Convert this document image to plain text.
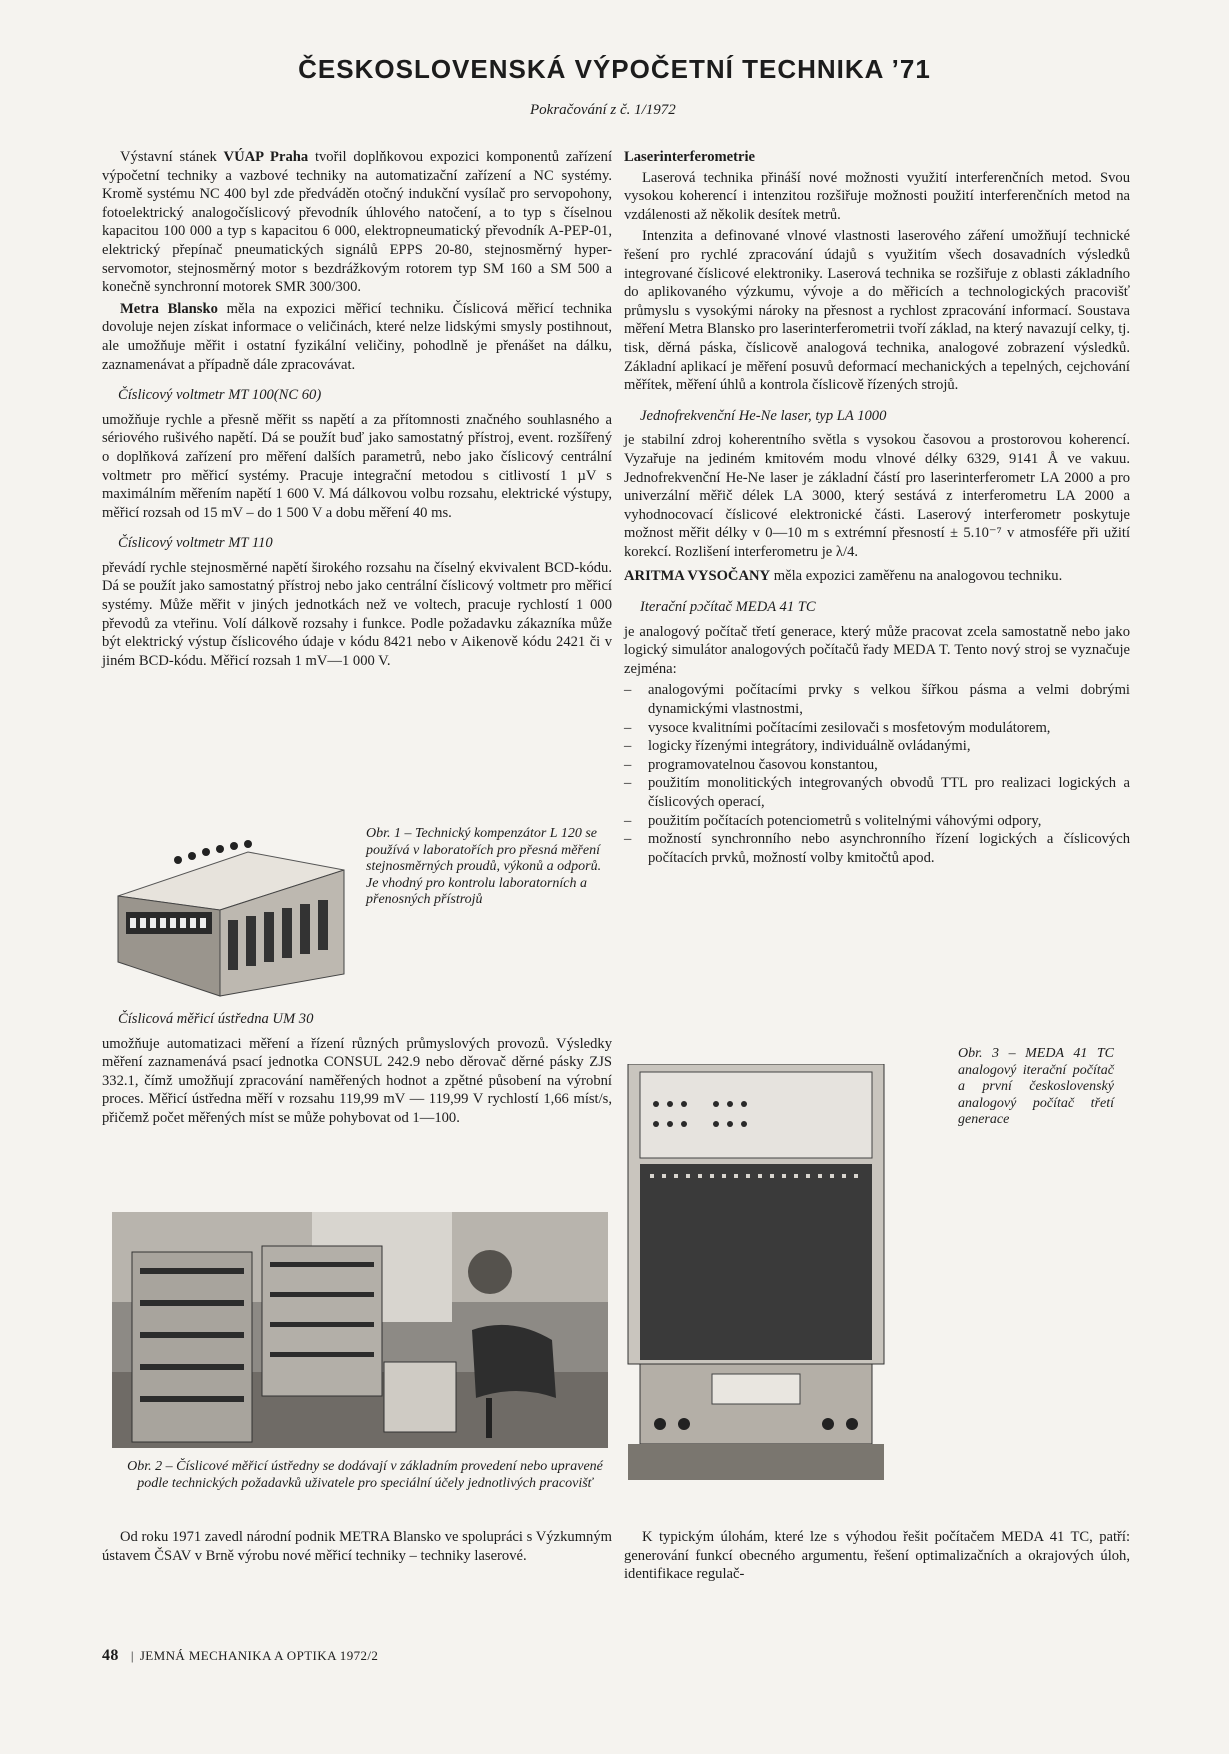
ČESKOSLOVENSKÁ VÝPOČETNÍ TECHNIKA ’71
Pokračování z č. 1/1972

Výstavní stánek VÚAP Praha tvořil doplňkovou expozici komponentů zařízení výpočetní techniky a vazbové techniky na automatizační zařízení a NC systémy. Kromě systému NC 400 byl zde předváděn otočný indukční vysílač pro servopohony, fotoelektrický analogočíslicový převodník úhlového natočení, a to typ s číselnou kapacitou 100 000 a typ s kapacitou 6 000, elektropneumatický převodník A-PEP-01, elektrický přepínač pneumatických signálů EPPS 20-80, stejnosměrný hyper-servomotor, stejnosměrný motor s bezdrážkovým rotorem typ SM 160 a SM 500 a konečně synchronní motorek SMR 300/300.

Metra Blansko měla na expozici měřicí techniku. Číslicová měřicí technika dovoluje nejen získat informace o veličinách, které nelze lidskými smysly postihnout, ale umožňuje měřit i ostatní fyzikální veličiny, pohodlně je přenášet na dálku, zaznamenávat a případně dále zpracovávat.

Číslicový voltmetr MT 100(NC 60)

umožňuje rychle a přesně měřit ss napětí a za přítomnosti značného souhlasného a sériového rušivého napětí. Dá se použít buď jako samostatný přístroj, event. rozšířený o doplňková zařízení pro měření dalších parametrů, nebo jako číslicový centrální voltmetr pro měřicí systémy. Pracuje integrační metodou s citlivostí 1 µV s maximálním měřením napětí 1 600 V. Má dálkovou volbu rozsahu, elektrické výstupy, měřicí rozsah od 15 mV – do 1 500 V a dobu měření 40 ms.

Číslicový voltmetr MT 110

převádí rychle stejnosměrné napětí širokého rozsahu na číselný ekvivalent BCD-kódu. Dá se použít jako samostatný přístroj nebo jako centrální číslicový voltmetr pro měřicí systémy. Může měřit v jiných jednotkách než ve voltech, pracuje rychlostí 1 000 převodů za vteřinu. Volí dálkově rozsahy i funkce. Podle požadavku zákazníka může být elektrický výstup číslicového údaje v kódu 8421 nebo v Aikenově kódu 2421 či v jiném BCD-kódu. Měřicí rozsah 1 mV—1 000 V.

Obr. 1 – Technický kompenzátor L 120 se používá v laboratořích pro přesná měření stejnosměrných proudů, výkonů a odporů. Je vhodný pro kontrolu laboratorních a přenosných přístrojů

Číslicová měřicí ústředna UM 30

umožňuje automatizaci měření a řízení různých průmyslových provozů. Výsledky měření zaznamenává psací jednotka CONSUL 242.9 nebo děrovač děrné pásky ZJS 332.1, čímž umožňují zpracování naměřených hodnot a zpětné působení na výrobní proces. Měřicí ústředna měří v rozsahu 119,99 mV — 119,99 V rychlostí 1,66 míst/s, přičemž počet měřených míst se může pohybovat od 1—100.

Obr. 2 – Číslicové měřicí ústředny se dodávají v základním provedení nebo upravené podle technických požadavků uživatele pro speciální účely jednotlivých pracovišť

Laserinterferometrie

Laserová technika přináší nové možnosti využití interferenčních metod. Svou vysokou koherencí i intenzitou rozšiřuje možnosti použití interferenčních metod na vzdálenosti až několik desítek metrů.

Intenzita a definované vlnové vlastnosti laserového záření umožňují technické řešení pro rychlé zpracování údajů s využitím všech dosavadních výsledků integrované číslicové elektroniky. Laserová technika se rozšiřuje z oblasti základního do aplikovaného výzkumu, vývoje a do měřicích a technologických pracovišť průmyslu s vysokými nároky na přesnost a rychlost zpracování informací. Soustava měření Metra Blansko pro laserinterferometrii tvoří základ, na který navazují celky, tj. tisk, děrná páska, číslicově analogová technika, analogové zobrazení výsledků. Základní aplikací je měření posuvů deformací mechanických a tepelných, cejchování měřítek, měření úhlů a kontrola číslicově řízených strojů.

Jednofrekvenční He-Ne laser, typ LA 1000

je stabilní zdroj koherentního světla s vysokou časovou a prostorovou koherencí. Vyzařuje na jediném kmitovém modu vlnové délky 6329, 9141 Å ve vakuu. Jednofrekvenční He-Ne laser je základní částí pro laserinterferometr LA 2000 a pro univerzální měřič délek LA 3000, který sestává z interferometru LA 2000 a vyhodnocovací číslicové elektronické části. Laserový interferometr poskytuje možnost měřit délky v 0—10 m s extrémní přesností ± 5.10⁻⁷ v atmosféře při užití korekcí. Rozlišení interferometru je λ/4.

ARITMA VYSOČANY měla expozici zaměřenu na analogovou techniku.

Iterační pɔčítač MEDA 41 TC

je analogový počítač třetí generace, který může pracovat zcela samostatně nebo jako logický simulátor analogových počítačů řady MEDA T. Tento nový stroj se vyznačuje zejména:

– analogovými počítacími prvky s velkou šířkou pásma a velmi dobrými dynamickými vlastnostmi,
– vysoce kvalitními počítacími zesilovači s mosfetovým modulátorem,
– logicky řízenými integrátory, individuálně ovládanými,
– programovatelnou časovou konstantou,
– použitím monolitických integrovaných obvodů TTL pro realizaci logických a číslicových operací,
– použitím počítacích potenciometrů s volitelnými váhovými odpory,
– možností synchronního nebo asynchronního řízení logických a číslicových počítacích prvků, možností volby kmitočtů apod.
Obr. 3 – MEDA 41 TC analogový iterační počítač a první československý analogový počítač třetí generace

Od roku 1971 zavedl národní podnik METRA Blansko ve spolupráci s Výzkumným ústavem ČSAV v Brně výrobu nové měřicí techniky – techniky laserové.

K typickým úlohám, které lze s výhodou řešit počítačem MEDA 41 TC, patří: generování funkcí obecného argumentu, řešení optimalizačních a okrajových úloh, identifikace regulač-

48 | JEMNÁ MECHANIKA A OPTIKA 1972/2
